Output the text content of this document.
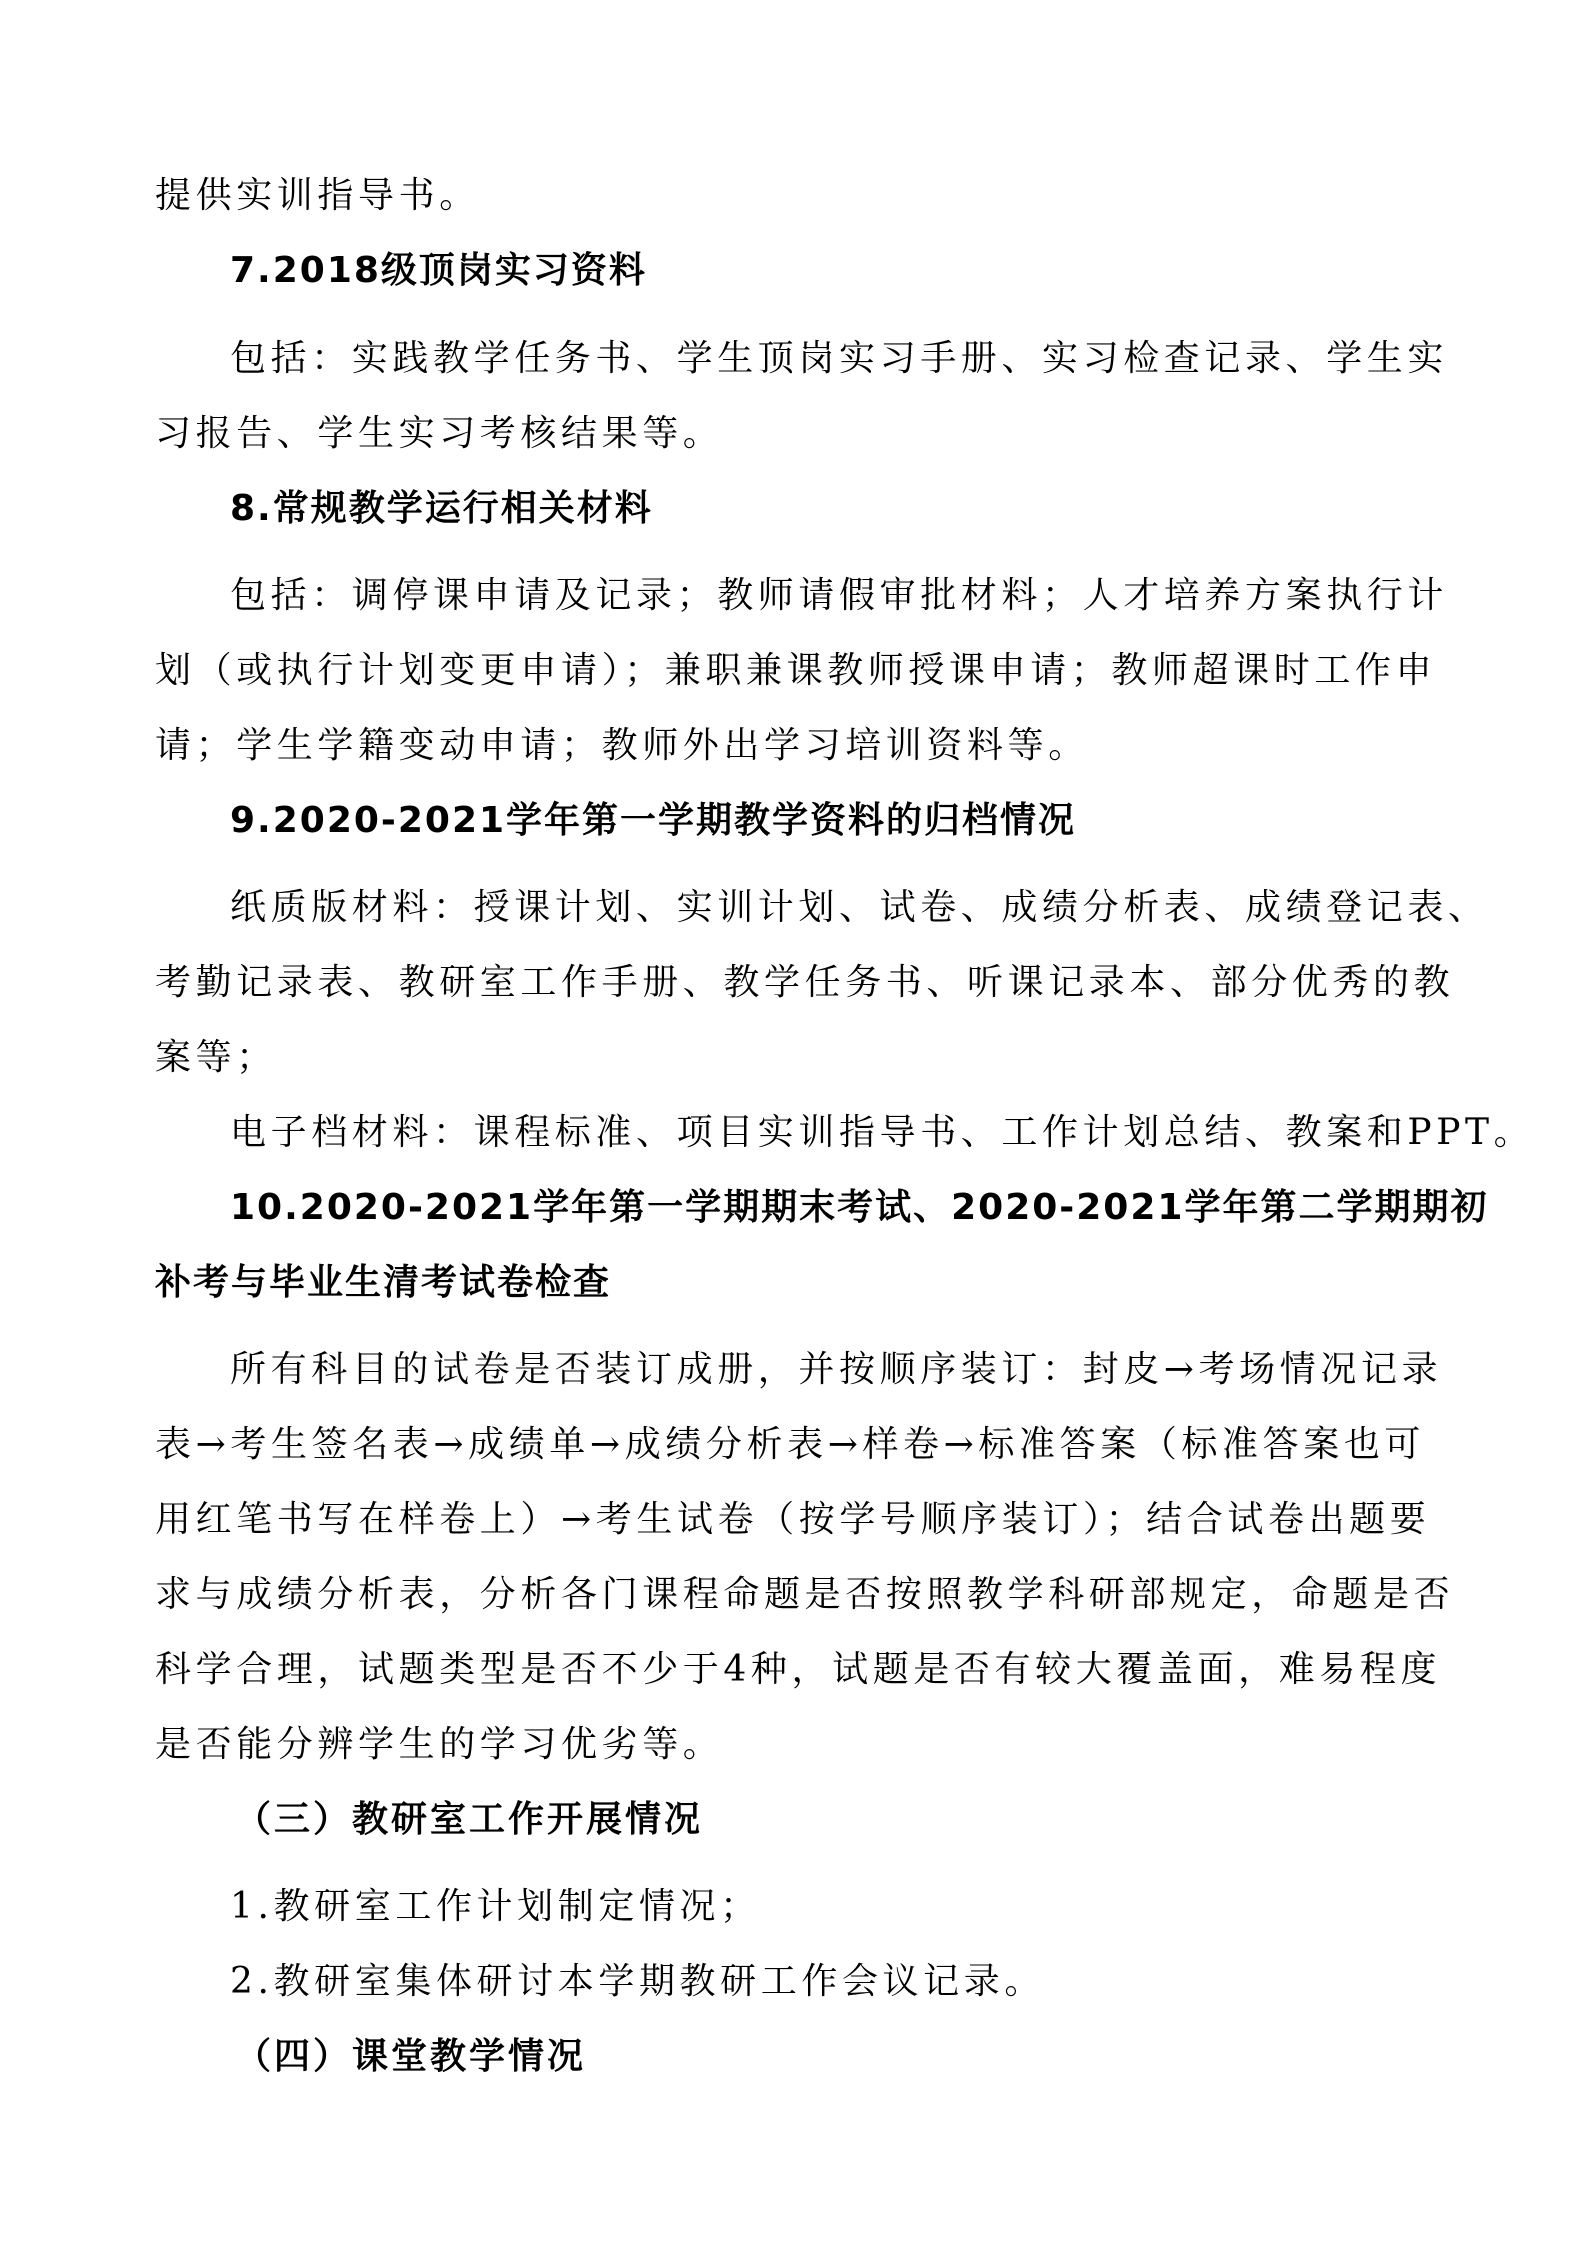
提供实训指导书。
7.2018级顶岗实习资料
包括：实践教学任务书、学生顶岗实习手册、实习检查记录、学生实
习报告、学生实习考核结果等。
8.常规教学运行相关材料
包括：调停课申请及记录；教师请假审批材料；人才培养方案执行计
划（或执行计划变更申请）；兼职兼课教师授课申请；教师超课时工作申
请；学生学籍变动申请；教师外出学习培训资料等。
9.2020-2021学年第一学期教学资料的归档情况
纸质版材料：授课计划、实训计划、试卷、成绩分析表、成绩登记表、
考勤记录表、教研室工作手册、教学任务书、听课记录本、部分优秀的教
案等；
电子档材料：课程标准、项目实训指导书、工作计划总结、教案和PPT。
10.2020-2021学年第一学期期末考试、2020-2021学年第二学期期初
补考与毕业生清考试卷检查
所有科目的试卷是否装订成册，并按顺序装订：封皮→考场情况记录
表→考生签名表→成绩单→成绩分析表→样卷→标准答案（标准答案也可
用红笔书写在样卷上）→考生试卷（按学号顺序装订）；结合试卷出题要
求与成绩分析表，分析各门课程命题是否按照教学科研部规定，命题是否
科学合理，试题类型是否不少于4种，试题是否有较大覆盖面，难易程度
是否能分辨学生的学习优劣等。
（三）教研室工作开展情况
1.教研室工作计划制定情况；
2.教研室集体研讨本学期教研工作会议记录。
（四）课堂教学情况
